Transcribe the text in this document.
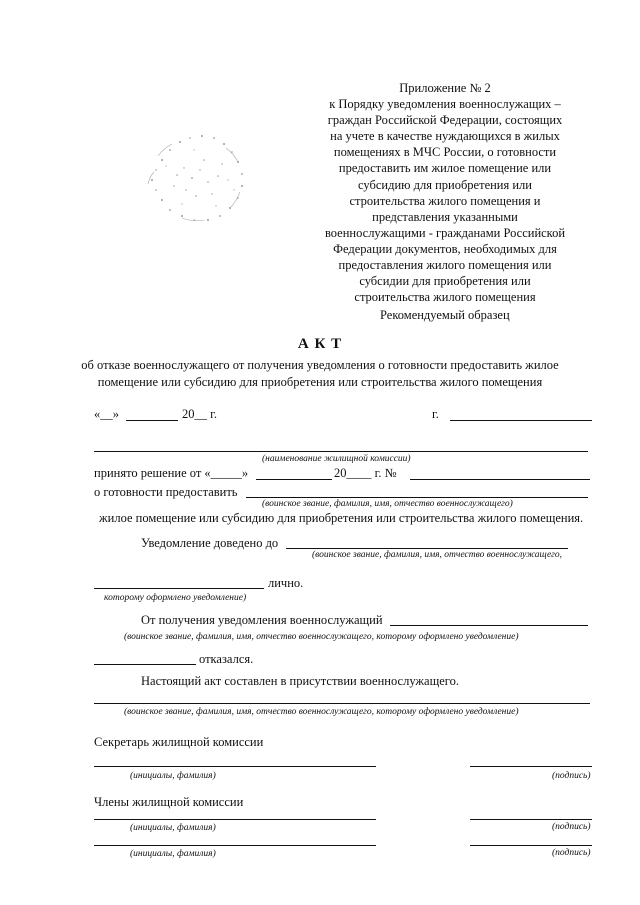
Приложение № 2
к Порядку уведомления военнослужащих –
граждан Российской Федерации, состоящих
на учете в качестве нуждающихся в жилых
помещениях в МЧС России, о готовности
предоставить им жилое помещение или
субсидию для приобретения или
строительства жилого помещения и
представления указанными
военнослужащими - гражданами Российской
Федерации документов, необходимых для
предоставления жилого помещения или
субсидии для приобретения или
строительства жилого помещения
Рекомендуемый образец
А К Т
об отказе военнослужащего от получения уведомления о готовности предоставить жилое
помещение или субсидию для приобретения или строительства жилого помещения
«__»	20__ г.	г.
(наименование жилищной комиссии)
принято решение от «_____»	20____ г. №
о готовности предоставить
(воинское звание, фамилия, имя, отчество военнослужащего)
жилое помещение или субсидию для приобретения или строительства жилого помещения.
Уведомление доведено до
(воинское звание, фамилия, имя, отчество военнослужащего,
лично.
которому оформлено уведомление)
От получения уведомления военнослужащий
(воинское звание, фамилия, имя, отчество военнослужащего, которому оформлено уведомление)
отказался.
Настоящий акт составлен в присутствии военнослужащего.
(воинское звание, фамилия, имя, отчество военнослужащего, которому оформлено уведомление)
Секретарь жилищной комиссии
(инициалы, фамилия)	(подпись)
Члены жилищной комиссии
(инициалы, фамилия)	(подпись)
(инициалы, фамилия)	(подпись)
